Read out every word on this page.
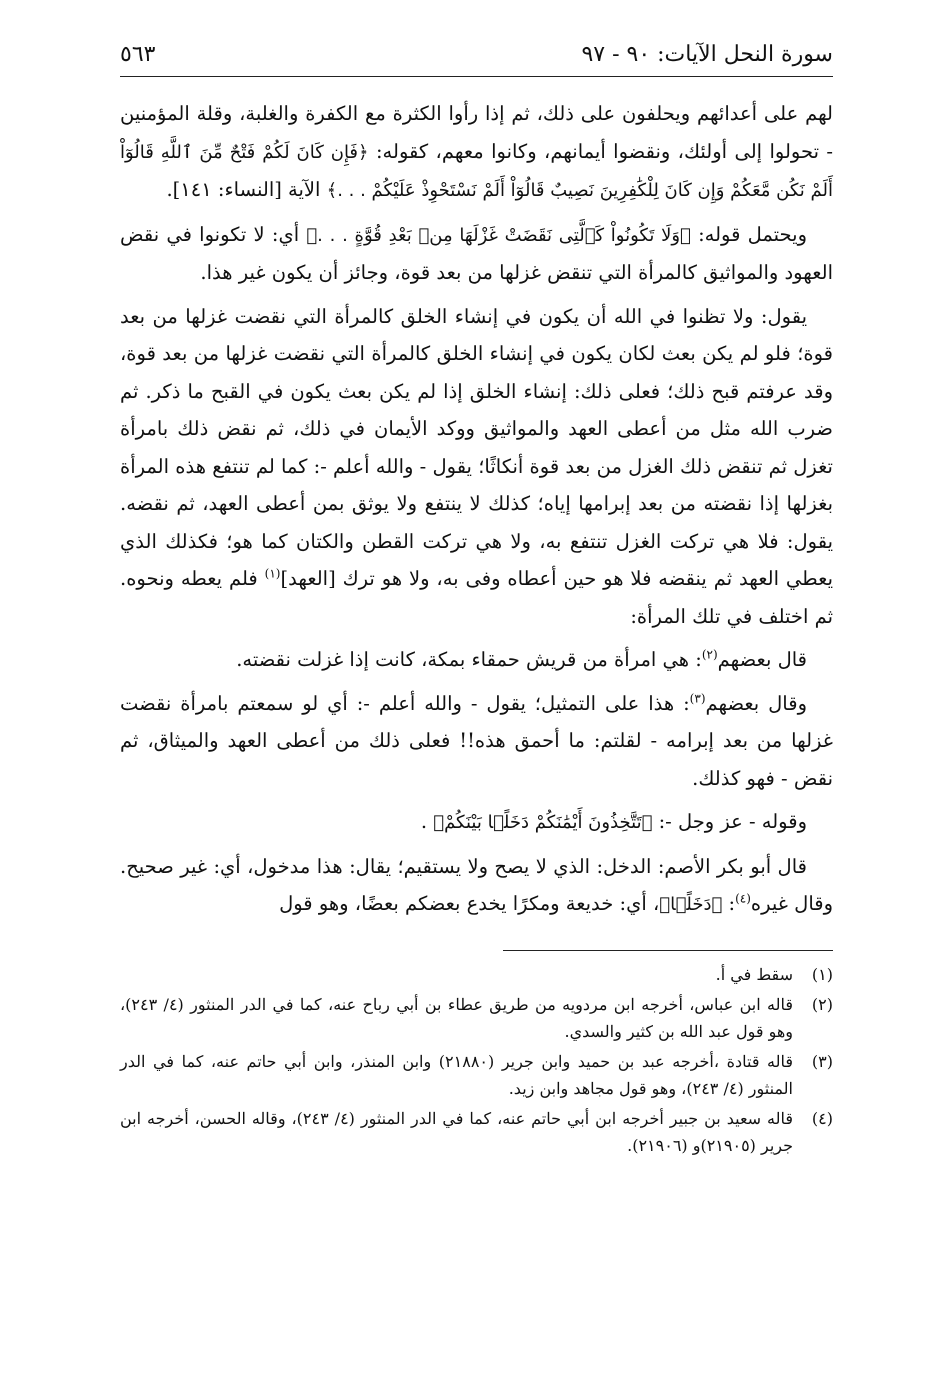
سورة النحل الآيات: ٩٠ - ٩٧
٥٦٣

لهم على أعدائهم ويحلفون على ذلك، ثم إذا رأوا الكثرة مع الكفرة والغلبة، وقلة المؤمنين - تحولوا إلى أولئك، ونقضوا أيمانهم، وكانوا معهم، كقوله: ﴿فَإِن كَانَ لَكُمْ فَتْحٌ مِّنَ ٱللَّهِ قَالُوٓاْ أَلَمْ نَكُن مَّعَكُمْ وَإِن كَانَ لِلْكَٰفِرِينَ نَصِيبٌ قَالُوٓاْ أَلَمْ نَسْتَحْوِذْ عَلَيْكُمْ . . .﴾ الآية [النساء: ١٤١].

ويحتمل قوله: ﴿وَلَا تَكُونُواْ كَٱلَّتِى نَقَضَتْ غَزْلَهَا مِنۢ بَعْدِ قُوَّةٍ . . .﴾ أي: لا تكونوا في نقض العهود والمواثيق كالمرأة التي تنقض غزلها من بعد قوة، وجائز أن يكون غير هذا.

يقول: ولا تظنوا في الله أن يكون في إنشاء الخلق كالمرأة التي نقضت غزلها من بعد قوة؛ فلو لم يكن بعث لكان يكون في إنشاء الخلق كالمرأة التي نقضت غزلها من بعد قوة، وقد عرفتم قبح ذلك؛ فعلى ذلك: إنشاء الخلق إذا لم يكن بعث يكون في القبح ما ذكر. ثم ضرب الله مثل من أعطى العهد والمواثيق ووكد الأيمان في ذلك، ثم نقض ذلك بامرأة تغزل ثم تنقض ذلك الغزل من بعد قوة أنكاثًا؛ يقول - والله أعلم -: كما لم تنتفع هذه المرأة بغزلها إذا نقضته من بعد إبرامها إياه؛ كذلك لا ينتفع ولا يوثق بمن أعطى العهد، ثم نقضه. يقول: فلا هي تركت الغزل تنتفع به، ولا هي تركت القطن والكتان كما هو؛ فكذلك الذي يعطي العهد ثم ينقضه فلا هو حين أعطاه وفى به، ولا هو ترك [العهد]$^{(١)}$ فلم يعطه ونحوه. ثم اختلف في تلك المرأة:

قال بعضهم$^{(٢)}$: هي امرأة من قريش حمقاء بمكة، كانت إذا غزلت نقضته.

وقال بعضهم$^{(٣)}$: هذا على التمثيل؛ يقول - والله أعلم -: أي لو سمعتم بامرأة نقضت غزلها من بعد إبرامه - لقلتم: ما أحمق هذه!! فعلى ذلك من أعطى العهد والميثاق، ثم نقض - فهو كذلك.

وقوله - عز وجل -: ﴿تَتَّخِذُونَ أَيْمَٰنَكُمْ دَخَلًۢا بَيْنَكُمْ﴾ .

قال أبو بكر الأصم: الدخل: الذي لا يصح ولا يستقيم؛ يقال: هذا مدخول، أي: غير صحيح. وقال غيره$^{(٤)}$: ﴿دَخَلًۢا﴾، أي: خديعة ومكرًا يخدع بعضكم بعضًا، وهو قول

(١)
سقط في أ.
(٢)
قاله ابن عباس، أخرجه ابن مردويه من طريق عطاء بن أبي رباح عنه، كما في الدر المنثور (٤/ ٢٤٣)، وهو قول عبد الله بن كثير والسدي.
(٣)
قاله قتادة ،أخرجه عبد بن حميد وابن جرير (٢١٨٨٠) وابن المنذر، وابن أبي حاتم عنه، كما في الدر المنثور (٤/ ٢٤٣)، وهو قول مجاهد وابن زيد.
(٤)
قاله سعيد بن جبير أخرجه ابن أبي حاتم عنه، كما في الدر المنثور (٤/ ٢٤٣)، وقاله الحسن، أخرجه ابن جرير (٢١٩٠٥)و (٢١٩٠٦).
